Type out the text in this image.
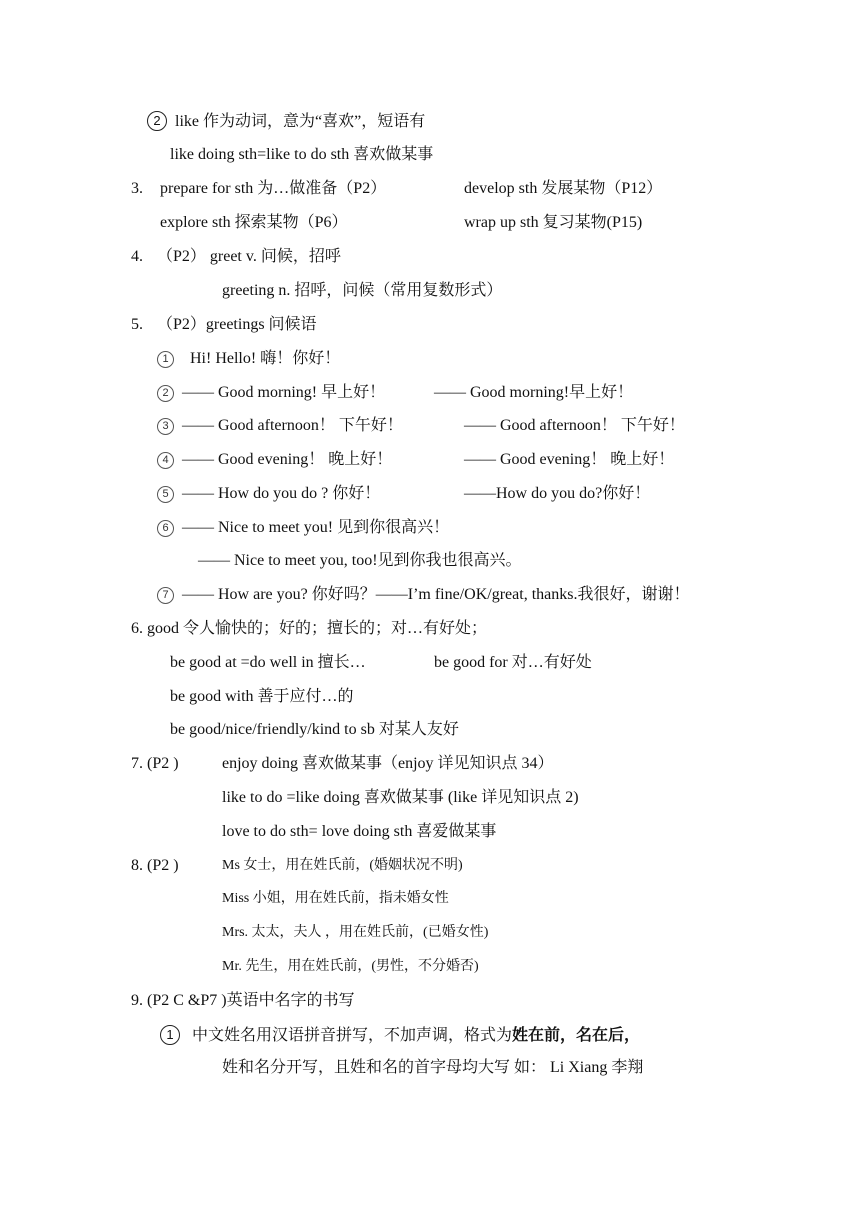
2 like 作为动词，意为“喜欢”，短语有
like doing sth=like to do sth 喜欢做某事
3. prepare for sth 为…做准备（P2）	develop sth 发展某物（P12）
explore sth 探索某物（P6）	wrap up sth 复习某物(P15)
4. （P2） greet v. 问候，招呼
greeting n. 招呼，问候（常用复数形式）
5. （P2）greetings 问候语
1 Hi! Hello! 嗨！你好！
2 —— Good morning! 早上好！	—— Good morning!早上好！
3 —— Good afternoon！ 下午好！	—— Good afternoon！ 下午好！
4 —— Good evening！ 晚上好！	—— Good evening！ 晚上好！
5 —— How do you do ? 你好！	——How do you do?你好！
6 —— Nice to meet you! 见到你很高兴！
—— Nice to meet you, too!见到你我也很高兴。
7 —— How are you? 你好吗？——I’m fine/OK/great, thanks.我很好，谢谢！
6. good 令人愉快的；好的；擅长的；对…有好处；
be good at =do well in 擅长…	be good for 对…有好处
be good with 善于应付…的
be good/nice/friendly/kind to sb 对某人友好
7. (P2 )	enjoy doing 喜欢做某事（enjoy 详见知识点 34）
like to do =like doing 喜欢做某事 (like 详见知识点 2)
love to do sth= love doing sth 喜爱做某事
8. (P2 )	Ms 女士，用在姓氏前，(婚姻状况不明)
Miss 小姐，用在姓氏前，指未婚女性
Mrs. 太太，夫人 ，用在姓氏前，(已婚女性)
Mr. 先生，用在姓氏前，(男性，不分婚否)
9. (P2 C &P7 )英语中名字的书写
1 中文姓名用汉语拼音拼写，不加声调，格式为姓在前，名在后，
姓和名分开写，且姓和名的首字母均大写 如： Li Xiang 李翔
